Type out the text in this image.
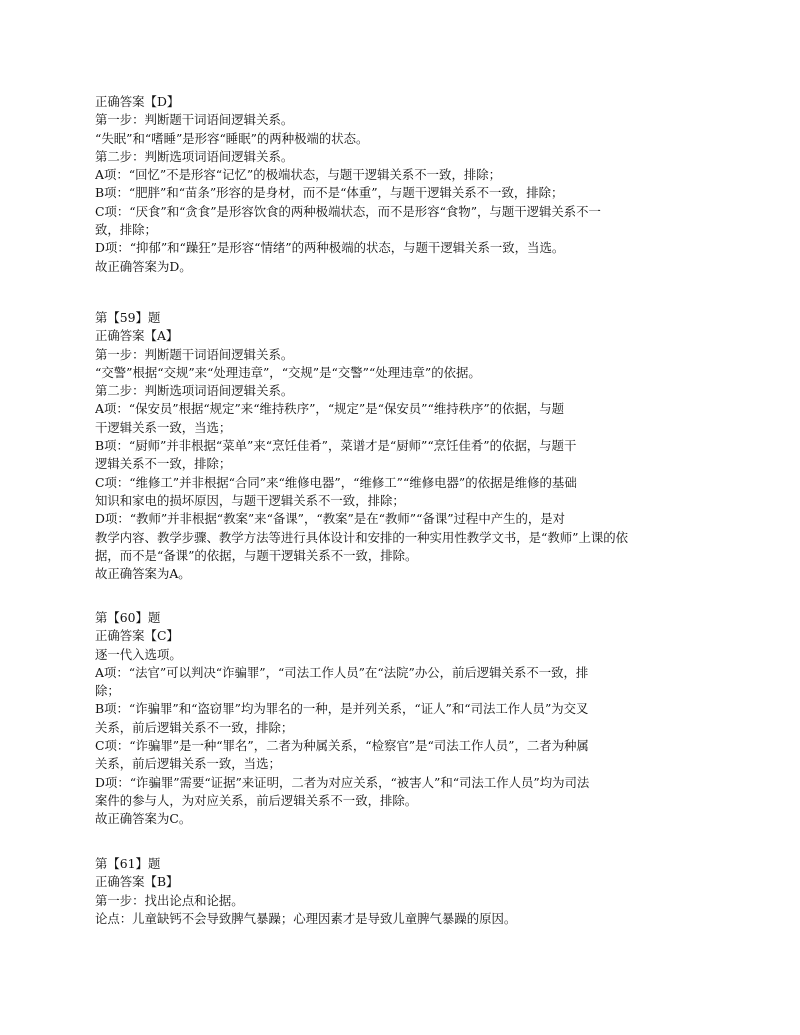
正确答案【D】
第一步：判断题干词语间逻辑关系。
“失眠”和“嗜睡”是形容“睡眠”的两种极端的状态。
第二步：判断选项词语间逻辑关系。
A项：“回忆”不是形容“记忆”的极端状态，与题干逻辑关系不一致，排除；
B项：“肥胖”和“苗条”形容的是身材，而不是“体重”，与题干逻辑关系不一致，排除；
C项：“厌食”和“贪食”是形容饮食的两种极端状态，而不是形容“食物”，与题干逻辑关系不一
致，排除；
D项：“抑郁”和“躁狂”是形容“情绪”的两种极端的状态，与题干逻辑关系一致，当选。
故正确答案为D。
第【59】题
正确答案【A】
第一步：判断题干词语间逻辑关系。
“交警”根据“交规”来“处理违章”，“交规”是“交警”“处理违章”的依据。
第二步：判断选项词语间逻辑关系。
A项：“保安员”根据“规定”来“维持秩序”，“规定”是“保安员”“维持秩序”的依据，与题
干逻辑关系一致，当选；
B项：“厨师”并非根据“菜单”来“烹饪佳肴”，菜谱才是“厨师”“烹饪佳肴”的依据，与题干
逻辑关系不一致，排除；
C项：“维修工”并非根据“合同”来“维修电器”，“维修工”“维修电器”的依据是维修的基础
知识和家电的损坏原因，与题干逻辑关系不一致，排除；
D项：“教师”并非根据“教案”来“备课”，“教案”是在“教师”“备课”过程中产生的，是对
教学内容、教学步骤、教学方法等进行具体设计和安排的一种实用性教学文书，是“教师”上课的依
据，而不是“备课”的依据，与题干逻辑关系不一致，排除。
故正确答案为A。
第【60】题
正确答案【C】
逐一代入选项。
A项：“法官”可以判决“诈骗罪”，“司法工作人员”在“法院”办公，前后逻辑关系不一致，排
除；
B项：“诈骗罪”和“盗窃罪”均为罪名的一种，是并列关系，“证人”和“司法工作人员”为交叉
关系，前后逻辑关系不一致，排除；
C项：“诈骗罪”是一种“罪名”，二者为种属关系，“检察官”是“司法工作人员”，二者为种属
关系，前后逻辑关系一致，当选；
D项：“诈骗罪”需要“证据”来证明，二者为对应关系，“被害人”和“司法工作人员”均为司法
案件的参与人，为对应关系，前后逻辑关系不一致，排除。
故正确答案为C。
第【61】题
正确答案【B】
第一步：找出论点和论据。
论点：儿童缺钙不会导致脾气暴躁；心理因素才是导致儿童脾气暴躁的原因。
